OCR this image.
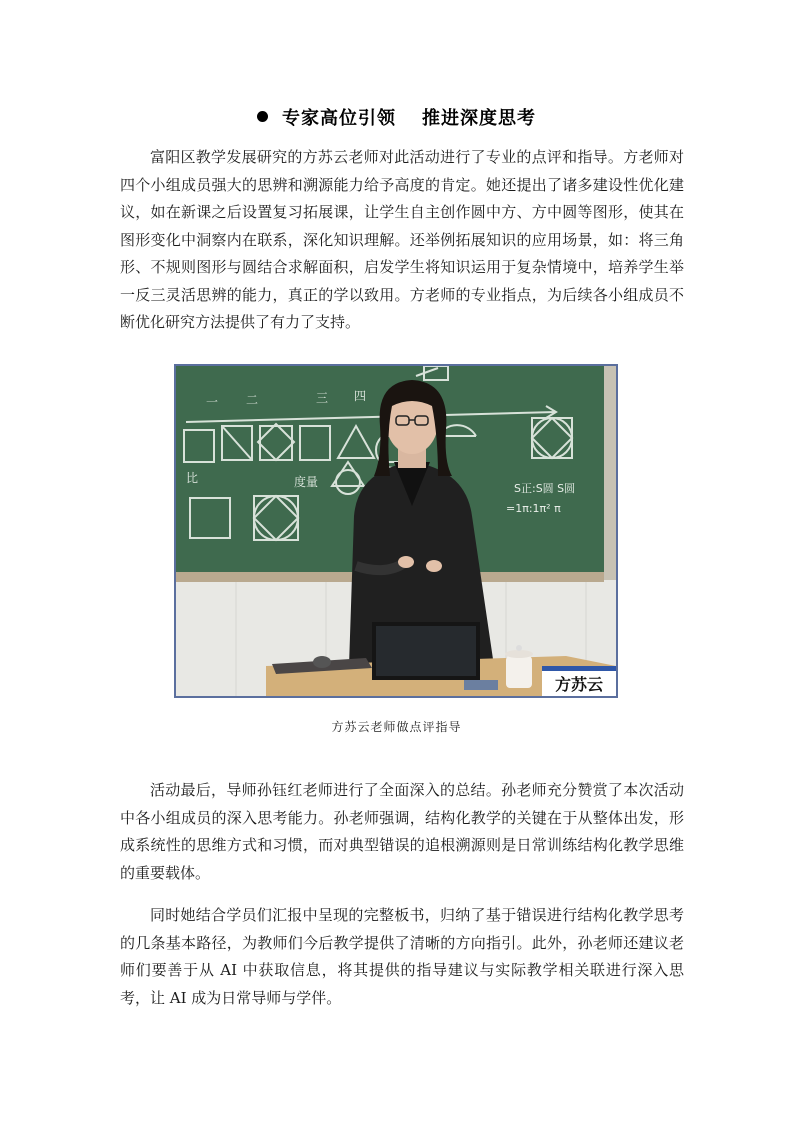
专家高位引领 推进深度思考

富阳区教学发展研究的方苏云老师对此活动进行了专业的点评和指导。方老师对四个小组成员强大的思辨和溯源能力给予高度的肯定。她还提出了诸多建设性优化建议，如在新课之后设置复习拓展课，让学生自主创作圆中方、方中圆等图形，使其在图形变化中洞察内在联系，深化知识理解。还举例拓展知识的应用场景，如：将三角形、不规则图形与圆结合求解面积，启发学生将知识运用于复杂情境中，培养学生举一反三灵活思辨的能力，真正的学以致用。方老师的专业指点，为后续各小组成员不断优化研究方法提供了有力了支持。

一 二	三 四
比	度量	S正:S圆 S圆
=1π:1π² π
方苏云
方苏云老师做点评指导

活动最后，导师孙钰红老师进行了全面深入的总结。孙老师充分赞赏了本次活动中各小组成员的深入思考能力。孙老师强调，结构化教学的关键在于从整体出发，形成系统性的思维方式和习惯，而对典型错误的追根溯源则是日常训练结构化教学思维的重要载体。

同时她结合学员们汇报中呈现的完整板书，归纳了基于错误进行结构化教学思考的几条基本路径，为教师们今后教学提供了清晰的方向指引。此外，孙老师还建议老师们要善于从 AI 中获取信息，将其提供的指导建议与实际教学相关联进行深入思考，让 AI 成为日常导师与学伴。
